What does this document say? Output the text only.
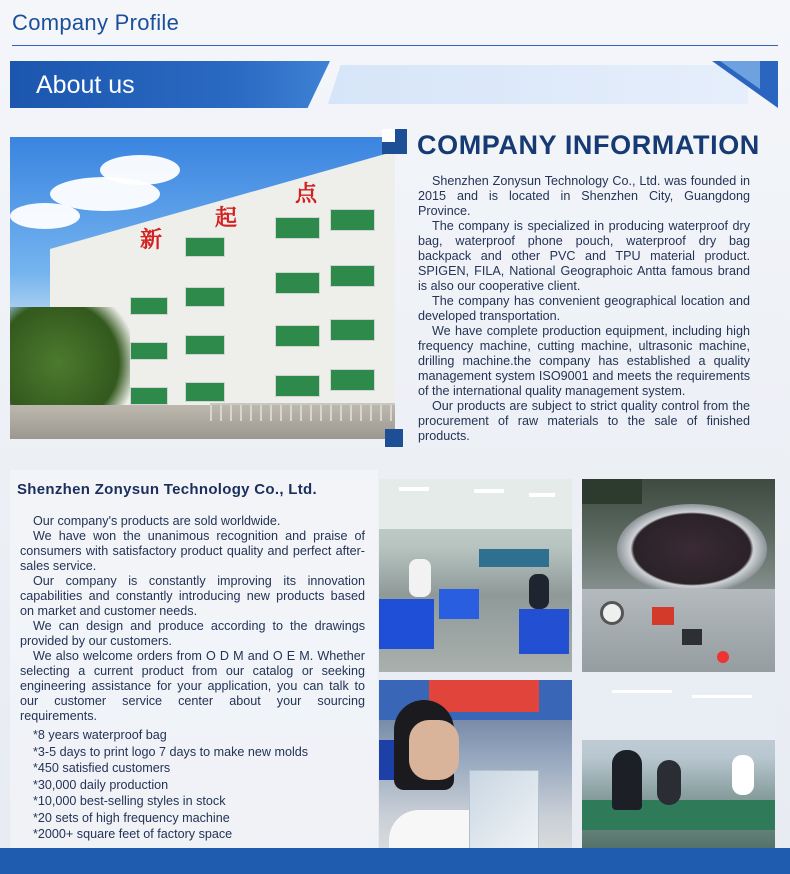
Company Profile
About us
新
起
点
COMPANY INFORMATION

Shenzhen Zonysun Technology Co., Ltd. was founded in 2015 and is located in Shenzhen City, Guangdong Province.

The company is specialized in producing waterproof dry bag, waterproof phone pouch, waterproof dry bag backpack and other PVC and TPU material product. SPIGEN, FILA, National Geographoic Antta famous brand is also our cooperative client.

The company has convenient geographical location and developed transportation.

We have complete production equipment, including high frequency machine, cutting machine, ultrasonic machine, drilling machine.the company has established a quality management system ISO9001 and meets the requirements of the international quality management system.

Our products are subject to strict quality control from the procurement of raw materials to the sale of finished products.

Shenzhen Zonysun Technology Co., Ltd.

Our company's products are sold worldwide.

We have won the unanimous recognition and praise of consumers with satisfactory product quality and perfect after-sales service.

Our company is constantly improving its innovation capabilities and constantly introducing new products based on market and customer needs.

We can design and produce according to the drawings provided by our customers.

We also welcome orders from O D M and O E M. Whether selecting a current product from our catalog or seeking engineering assistance for your application, you can talk to our customer service center about your sourcing requirements.

*8 years waterproof bag
*3-5 days to print logo 7 days to make new molds
*450 satisfied customers
*30,000 daily production
*10,000 best-selling styles in stock
*20 sets of high frequency machine
*2000+ square feet of factory space
